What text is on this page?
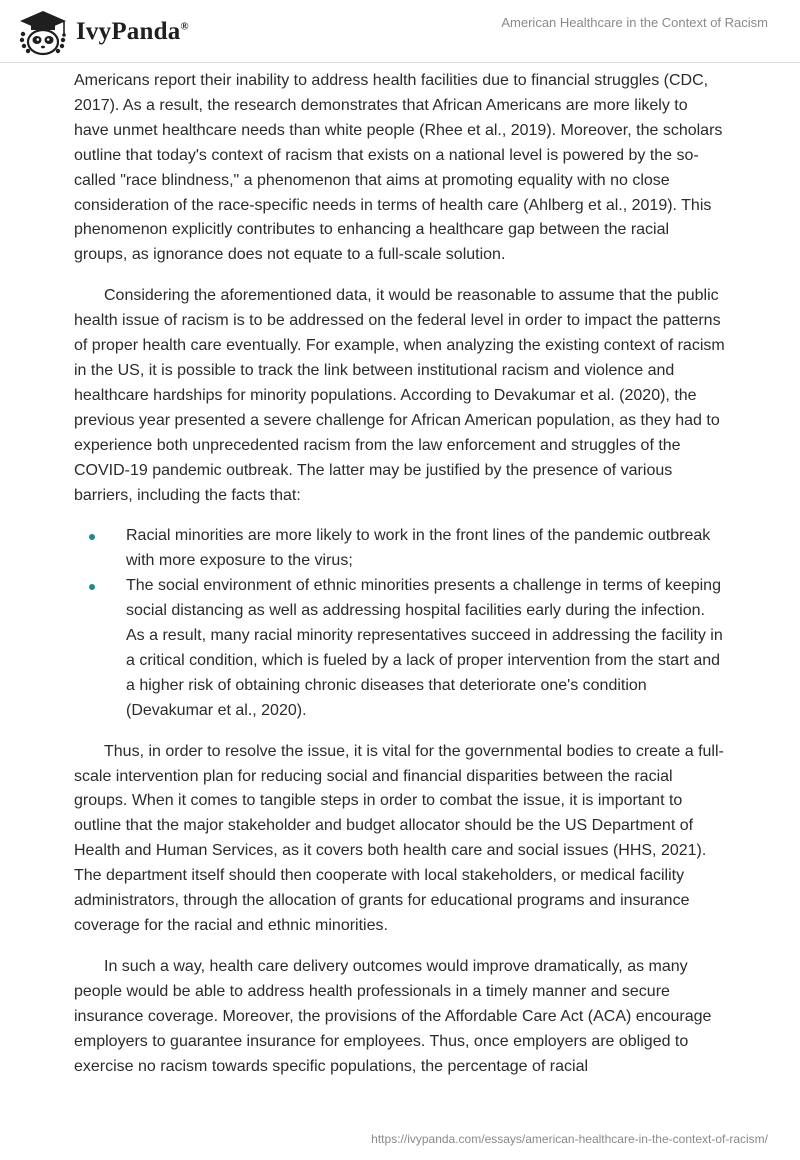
IvyPanda®	American Healthcare in the Context of Racism

Americans report their inability to address health facilities due to financial struggles (CDC, 2017). As a result, the research demonstrates that African Americans are more likely to have unmet healthcare needs than white people (Rhee et al., 2019). Moreover, the scholars outline that today's context of racism that exists on a national level is powered by the so-called "race blindness," a phenomenon that aims at promoting equality with no close consideration of the race-specific needs in terms of health care (Ahlberg et al., 2019). This phenomenon explicitly contributes to enhancing a healthcare gap between the racial groups, as ignorance does not equate to a full-scale solution.

Considering the aforementioned data, it would be reasonable to assume that the public health issue of racism is to be addressed on the federal level in order to impact the patterns of proper health care eventually. For example, when analyzing the existing context of racism in the US, it is possible to track the link between institutional racism and violence and healthcare hardships for minority populations. According to Devakumar et al. (2020), the previous year presented a severe challenge for African American population, as they had to experience both unprecedented racism from the law enforcement and struggles of the COVID-19 pandemic outbreak. The latter may be justified by the presence of various barriers, including the facts that:

Racial minorities are more likely to work in the front lines of the pandemic outbreak with more exposure to the virus;
The social environment of ethnic minorities presents a challenge in terms of keeping social distancing as well as addressing hospital facilities early during the infection. As a result, many racial minority representatives succeed in addressing the facility in a critical condition, which is fueled by a lack of proper intervention from the start and a higher risk of obtaining chronic diseases that deteriorate one's condition (Devakumar et al., 2020).

Thus, in order to resolve the issue, it is vital for the governmental bodies to create a full-scale intervention plan for reducing social and financial disparities between the racial groups. When it comes to tangible steps in order to combat the issue, it is important to outline that the major stakeholder and budget allocator should be the US Department of Health and Human Services, as it covers both health care and social issues (HHS, 2021). The department itself should then cooperate with local stakeholders, or medical facility administrators, through the allocation of grants for educational programs and insurance coverage for the racial and ethnic minorities.

In such a way, health care delivery outcomes would improve dramatically, as many people would be able to address health professionals in a timely manner and secure insurance coverage. Moreover, the provisions of the Affordable Care Act (ACA) encourage employers to guarantee insurance for employees. Thus, once employers are obliged to exercise no racism towards specific populations, the percentage of racial

https://ivypanda.com/essays/american-healthcare-in-the-context-of-racism/
